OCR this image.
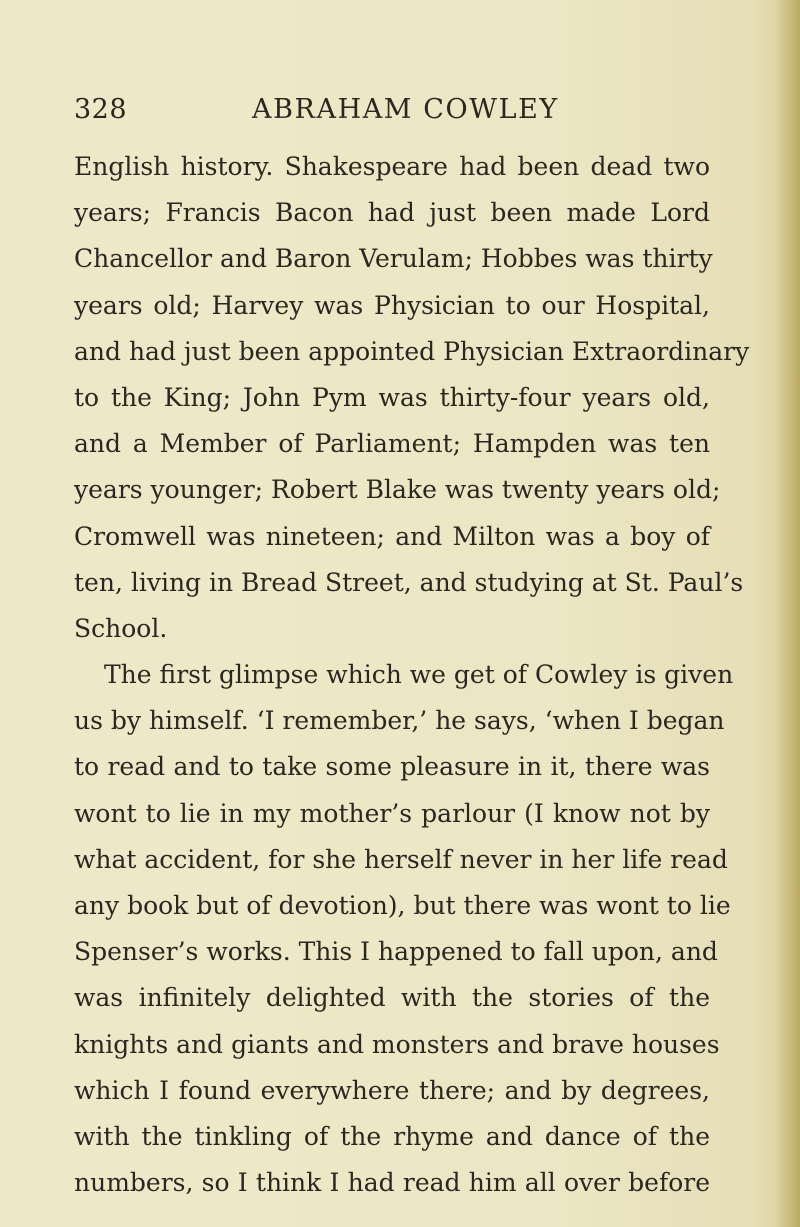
328	ABRAHAM COWLEY
English history. Shakespeare had been dead two
years; Francis Bacon had just been made Lord
Chancellor and Baron Verulam; Hobbes was thirty
years old; Harvey was Physician to our Hospital,
and had just been appointed Physician Extraordinary
to the King; John Pym was thirty-four years old,
and a Member of Parliament; Hampden was ten
years younger; Robert Blake was twenty years old;
Cromwell was nineteen; and Milton was a boy of
ten, living in Bread Street, and studying at St. Paul’s
School.
The first glimpse which we get of Cowley is given
us by himself. ‘I remember,’ he says, ‘when I began
to read and to take some pleasure in it, there was
wont to lie in my mother’s parlour (I know not by
what accident, for she herself never in her life read
any book but of devotion), but there was wont to lie
Spenser’s works. This I happened to fall upon, and
was infinitely delighted with the stories of the
knights and giants and monsters and brave houses
which I found everywhere there; and by degrees,
with the tinkling of the rhyme and dance of the
numbers, so I think I had read him all over before
